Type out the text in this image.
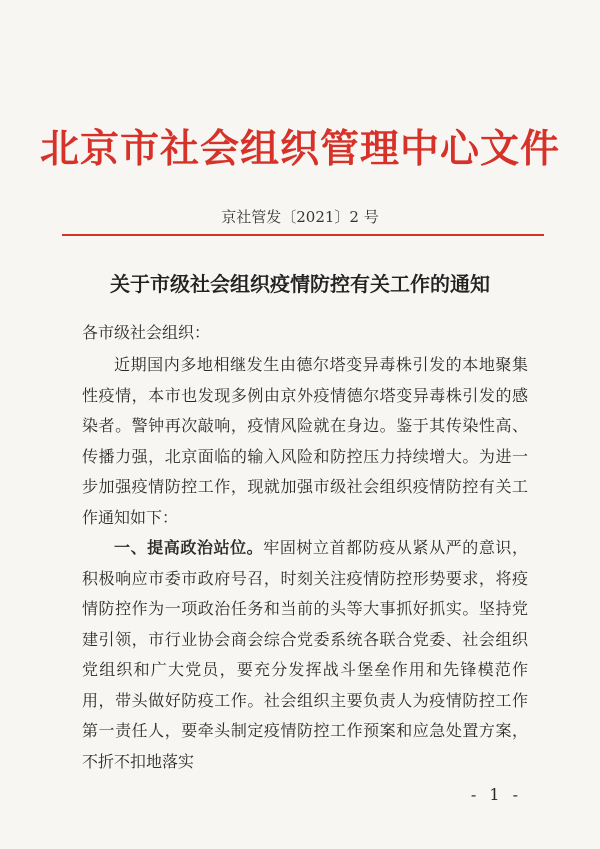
北京市社会组织管理中心文件
京社管发〔2021〕2 号
关于市级社会组织疫情防控有关工作的通知
各市级社会组织：

近期国内多地相继发生由德尔塔变异毒株引发的本地聚集性疫情，本市也发现多例由京外疫情德尔塔变异毒株引发的感染者。警钟再次敲响，疫情风险就在身边。鉴于其传染性高、传播力强，北京面临的输入风险和防控压力持续增大。为进一步加强疫情防控工作，现就加强市级社会组织疫情防控有关工作通知如下：

一、提高政治站位。牢固树立首都防疫从紧从严的意识，积极响应市委市政府号召，时刻关注疫情防控形势要求，将疫情防控作为一项政治任务和当前的头等大事抓好抓实。坚持党建引领，市行业协会商会综合党委系统各联合党委、社会组织党组织和广大党员，要充分发挥战斗堡垒作用和先锋模范作用，带头做好防疫工作。社会组织主要负责人为疫情防控工作第一责任人，要牵头制定疫情防控工作预案和应急处置方案，不折不扣地落实

- 1 -
